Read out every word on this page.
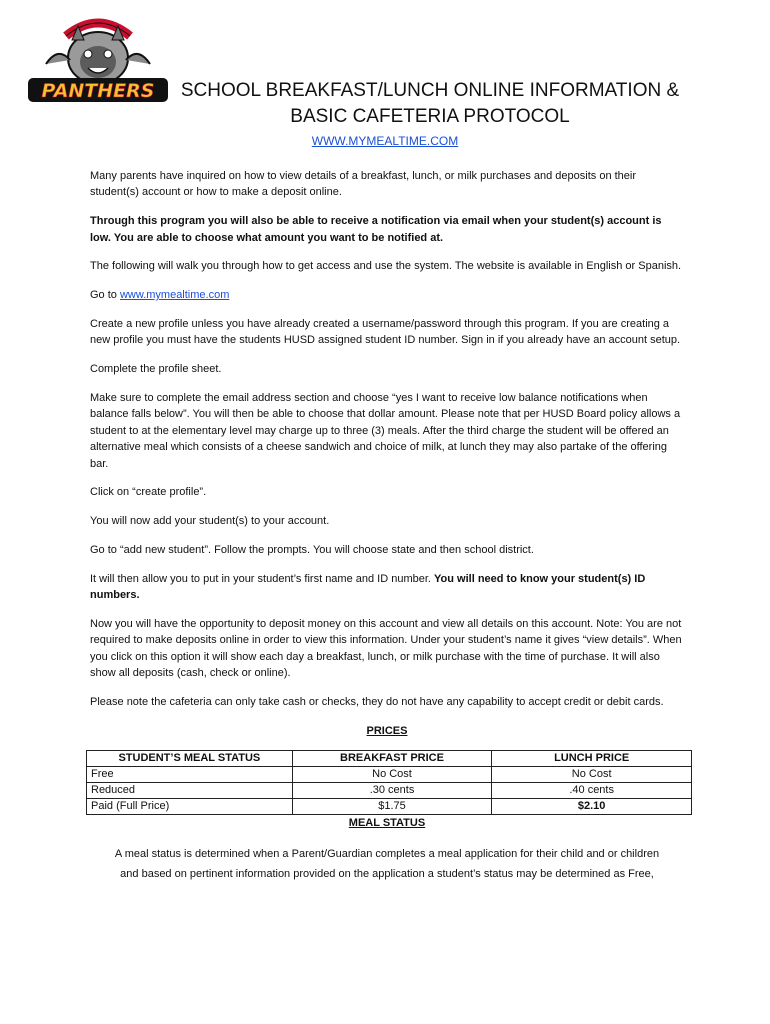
PANTHERS	SCHOOL BREAKFAST/LUNCH ONLINE INFORMATION &
BASIC CAFETERIA PROTOCOL
WWW.MYMEALTIME.COM

Many parents have inquired on how to view details of a breakfast, lunch, or milk purchases and deposits on their student(s) account or how to make a deposit online.

Through this program you will also be able to receive a notification via email when your student(s) account is low. You are able to choose what amount you want to be notified at.

The following will walk you through how to get access and use the system. The website is available in English or Spanish.

Go to www.mymealtime.com

Create a new profile unless you have already created a username/password through this program. If you are creating a new profile you must have the students HUSD assigned student ID number. Sign in if you already have an account setup.

Complete the profile sheet.

Make sure to complete the email address section and choose “yes I want to receive low balance notifications when balance falls below”. You will then be able to choose that dollar amount. Please note that per HUSD Board policy allows a student to at the elementary level may charge up to three (3) meals. After the third charge the student will be offered an alternative meal which consists of a cheese sandwich and choice of milk, at lunch they may also partake of the offering bar.

Click on “create profile”.

You will now add your student(s) to your account.

Go to “add new student”. Follow the prompts. You will choose state and then school district.

It will then allow you to put in your student’s first name and ID number. You will need to know your student(s) ID numbers.

Now you will have the opportunity to deposit money on this account and view all details on this account. Note: You are not required to make deposits online in order to view this information. Under your student’s name it gives “view details”. When you click on this option it will show each day a breakfast, lunch, or milk purchase with the time of purchase. It will also show all deposits (cash, check or online).

Please note the cafeteria can only take cash or checks, they do not have any capability to accept credit or debit cards.

PRICES
STUDENT’S MEAL STATUS	BREAKFAST PRICE	LUNCH PRICE
Free	No Cost	No Cost
Reduced	.30 cents	.40 cents
Paid (Full Price)	$1.75	$2.10
MEAL STATUS
A meal status is determined when a Parent/Guardian completes a meal application for their child and or children
and based on pertinent information provided on the application a student’s status may be determined as Free,
